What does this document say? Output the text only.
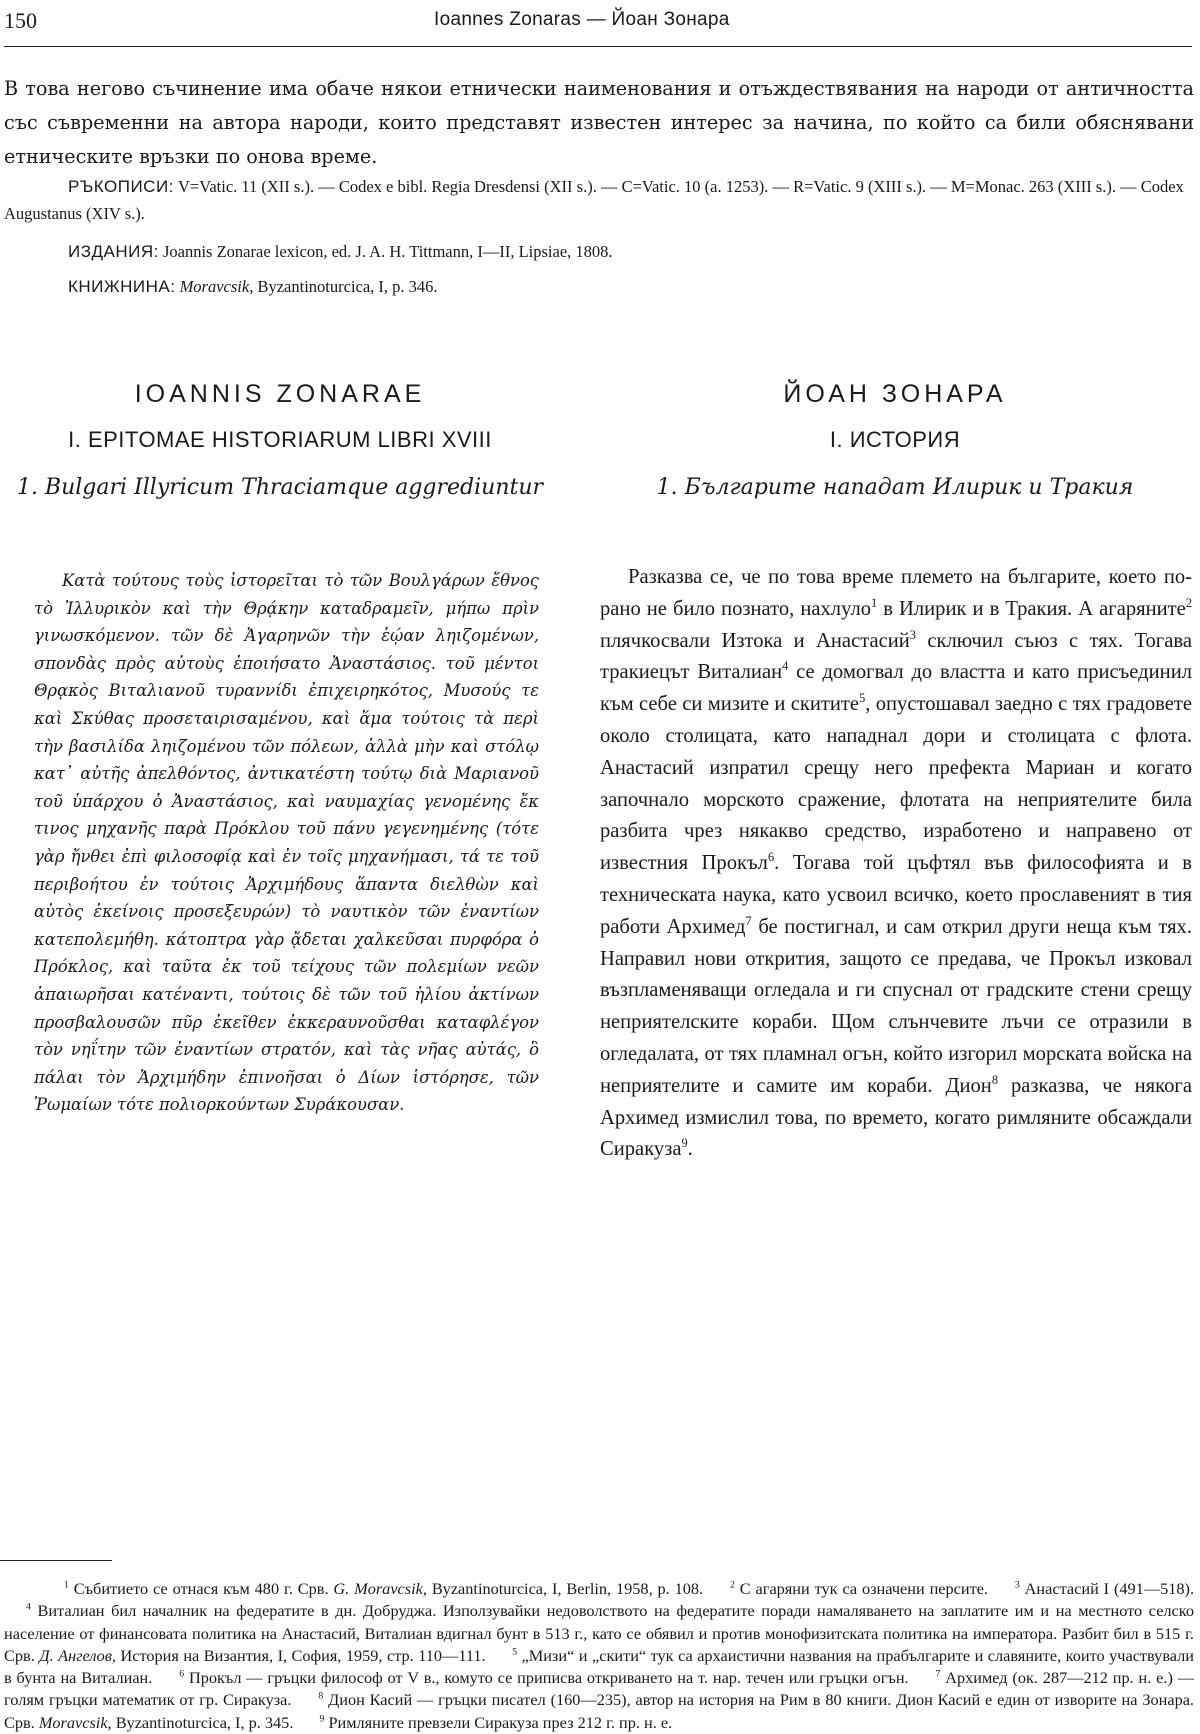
150	Ioannes Zonaras — Йоан Зонара
В това негово съчинение има обаче някои етнически наименования и отъждествявания на народи от античността със съвременни на автора народи, които представят известен интерес за начина, по който са били обяснявани етническите връзки по онова време.
РЪКОПИСИ: V=Vatic. 11 (XII s.). — Codex e bibl. Regia Dresdensi (XII s.). — C=Vatic. 10 (a. 1253). — R=Vatic. 9 (XIII s.). — M=Monac. 263 (XIII s.). — Codex Augustanus (XIV s.).
ИЗДАНИЯ: Joannis Zonarae lexicon, ed. J. A. H. Tittmann, I—II, Lipsiae, 1808.
КНИЖНИНА: Moravcsik, Byzantinoturcica, I, p. 346.
IOANNIS ZONARAE
I. EPITOMAE HISTORIARUM LIBRI XVIII
1. Bulgari Illyricum Thraciamque aggrediuntur
ЙОАН ЗОНАРА
I. ИСТОРИЯ
1. Българите нападат Илирик и Тракия

Κατὰ τούτους τοὺς ἱστορεῖται τὸ τῶν Βουλγάρων ἔθνος τὸ Ἰλλυρικὸν καὶ τὴν Θρᾴκην καταδραμεῖν, μήπω πρὶν γινωσκόμενον. τῶν δὲ Ἀγαρηνῶν τὴν ἑῴαν ληιζομένων, σπονδὰς πρὸς αὐτοὺς ἐποιήσατο Ἀναστάσιος. τοῦ μέντοι Θρᾳκὸς Βιταλιανοῦ τυραννίδι ἐπιχειρηκότος, Μυσούς τε καὶ Σκύθας προσεταιρισαμένου, καὶ ἅμα τούτοις τὰ περὶ τὴν βασιλίδα ληιζομένου τῶν πόλεων, ἀλλὰ μὴν καὶ στόλῳ κατ᾿ αὐτῆς ἀπελθόντος, ἀντικατέστη τούτῳ διὰ Μαριανοῦ τοῦ ὑπάρχου ὁ Ἀναστάσιος, καὶ ναυμαχίας γενομένης ἔκ τινος μηχανῆς παρὰ Πρόκλου τοῦ πάνυ γεγενημένης (τότε γὰρ ἤνθει ἐπὶ φιλοσοφίᾳ καὶ ἐν τοῖς μηχανήμασι, τά τε τοῦ περιβοήτου ἐν τούτοις Ἀρχιμήδους ἅπαντα διελθὼν καὶ αὐτὸς ἐκείνοις προσεξευρών) τὸ ναυτικὸν τῶν ἐναντίων κατεπολεμήθη. κάτοπτρα γὰρ ᾄδεται χαλκεῦσαι πυρφόρα ὁ Πρόκλος, καὶ ταῦτα ἐκ τοῦ τείχους τῶν πολεμίων νεῶν ἀπαιωρῆσαι κατέναντι, τούτοις δὲ τῶν τοῦ ἡλίου ἀκτίνων προσβαλουσῶν πῦρ ἐκεῖθεν ἐκκεραυνοῦσθαι καταφλέγον τὸν νηΐτην τῶν ἐναντίων στρατόν, καὶ τὰς νῆας αὐτάς, ὃ πάλαι τὸν Ἀρχιμήδην ἐπινοῆσαι ὁ Δίων ἱστόρησε, τῶν Ῥωμαίων τότε πολιορκούντων Συράκουσαν.

Разказва се, че по това време племето на българите, което по-рано не било познато, нахлуло$^1$ в Илирик и в Тракия. А агаряните$^2$ плячкосвали Изтока и Анастасий$^3$ сключил съюз с тях. Тогава тракиецът Виталиан$^4$ се домогвал до властта и като присъединил към себе си мизите и скитите$^5$, опустошавал заедно с тях градовете около столицата, като нападнал дори и столицата с флота. Анастасий изпратил срещу него префекта Мариан и когато започнало морското сражение, флотата на неприятелите била разбита чрез някакво средство, изработено и направено от известния Прокъл$^6$. Тогава той цъфтял във философията и в техническата наука, като усвоил всичко, което прославеният в тия работи Архимед$^7$ бе постигнал, и сам открил други неща към тях. Направил нови открития, защото се предава, че Прокъл изковал възпламеняващи огледала и ги спуснал от градските стени срещу неприятелските кораби. Щом слънчевите лъчи се отразили в огледалата, от тях пламнал огън, който изгорил морската войска на неприятелите и самите им кораби. Дион$^8$ разказва, че някога Архимед измислил това, по времето, когато римляните обсаждали Сиракуза$^9$.

$^1$ Събитието се отнася към 480 г. Срв. G. Moravcsik, Byzantinoturcica, I, Berlin, 1958, p. 108.	$^2$ С агаряни тук са означени персите.	$^3$ Анастасий I (491—518). $^4$ Виталиан бил началник на федератите в дн. Добруджа. Използувайки недоволството на федератите поради намаляването на заплатите им и на местното селско население от финансовата политика на Анастасий, Виталиан вдигнал бунт в 513 г., като се обявил и против монофизитската политика на императора. Разбит бил в 515 г. Срв. Д. Ангелов, История на Византия, I, София, 1959, стр. 110—111.	$^5$ „Мизи“ и „скити“ тук са архаистични названия на прабългарите и славяните, които участвували в бунта на Виталиан.	$^6$ Прокъл — гръцки философ от V в., комуто се приписва откриването на т. нар. течен или гръцки огън.	$^7$ Архимед (ок. 287—212 пр. н. е.) — голям гръцки математик от гр. Сиракуза.	$^8$ Дион Касий — гръцки писател (160—235), автор на история на Рим в 80 книги. Дион Касий е един от изворите на Зонара. Срв. Moravcsik, Byzantinoturcica, I, p. 345.	$^9$ Римляните превзели Сиракуза през 212 г. пр. н. е.
